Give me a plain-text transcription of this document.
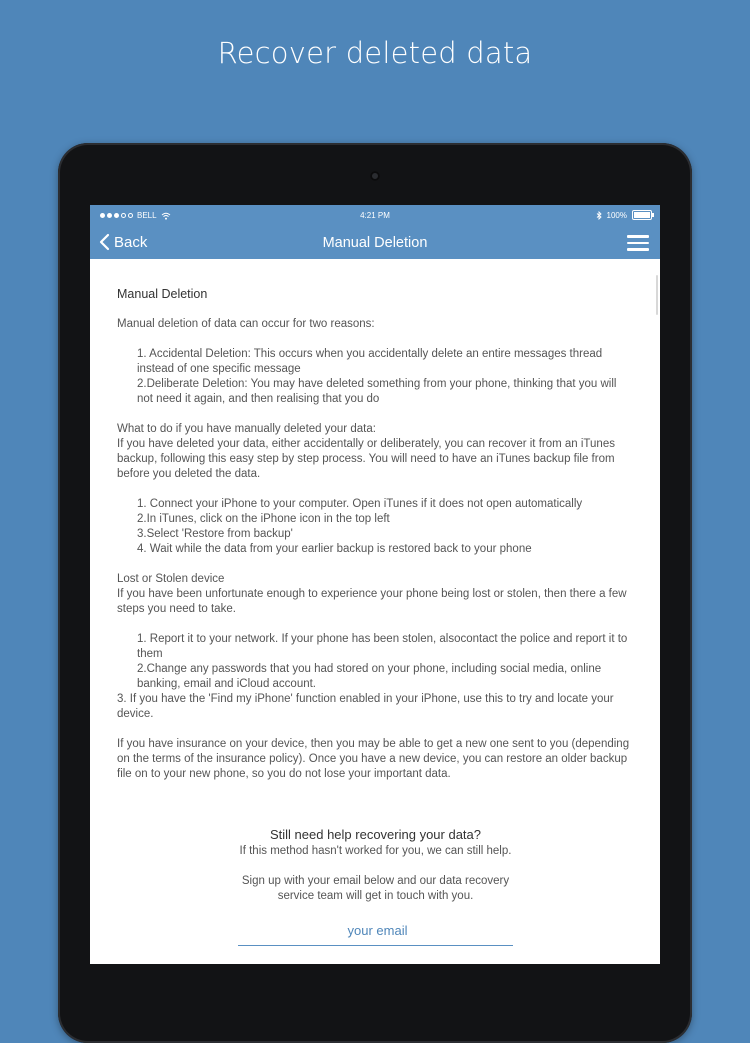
Recover deleted data
BELL	4:21 PM	100%
Back	Manual Deletion
Manual Deletion

Manual deletion of data can occur for two reasons:

1. Accidental Deletion: This occurs when you accidentally delete an entire messages thread instead of one specific message

2.Deliberate Deletion: You may have deleted something from your phone, thinking that you will not need it again, and then realising that you do

What to do if you have manually deleted your data:

If you have deleted your data, either accidentally or deliberately, you can recover it from an iTunes backup, following this easy step by step process. You will need to have an iTunes backup file from before you deleted the data.

1. Connect your iPhone to your computer. Open iTunes if it does not open automatically

2.In iTunes, click on the iPhone icon in the top left

3.Select 'Restore from backup'

4. Wait while the data from your earlier backup is restored back to your phone

Lost or Stolen device

If you have been unfortunate enough to experience your phone being lost or stolen, then there a few steps you need to take.

1. Report it to your network. If your phone has been stolen, alsocontact the police and report it to them

2.Change any passwords that you had stored on your phone, including social media, online banking, email and iCloud account.

3. If you have the 'Find my iPhone' function enabled in your iPhone, use this to try and locate your device.

If you have insurance on your device, then you may be able to get a new one sent to you (depending on the terms of the insurance policy). Once you have a new device, you can restore an older backup file on to your new phone, so you do not lose your important data.

Still need help recovering your data?
If this method hasn't worked for you, we can still help.
Sign up with your email below and our data recovery service team will get in touch with you.
your email
